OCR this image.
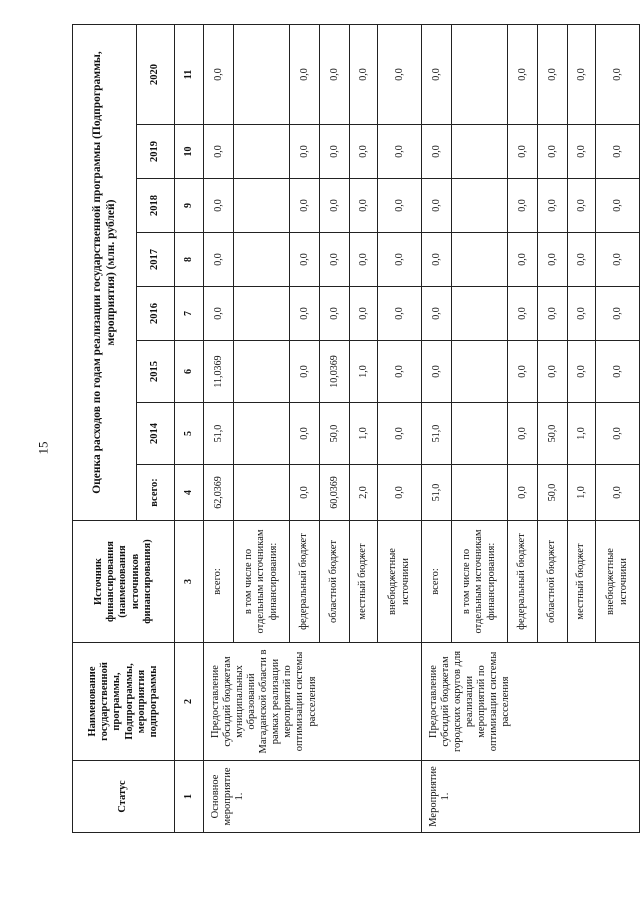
15
Статус	Наименование государственной программы, Подпрограммы, мероприятия подпрограммы	Источник финансирования (наименования источников финансирования)	Оценка расходов по годам реализации государственной программы (Подпрограммы, мероприятия) (млн. рублей)							
			всего:	2014	2015	2016	2017	2018	2019	2020
1	2	3	4	5	6	7	8	9	10	11
Основное мероприятие 1.	Предоставление субсидий бюджетам муниципальных образований Магаданской области в рамках реализации мероприятий по оптимизации системы расселения	всего:	62,0369	51,0	11,0369	0,0	0,0	0,0	0,0	0,0
		в том числе по отдельным источникам финансирования:								
		федеральный бюджет	0,0	0,0	0,0	0,0	0,0	0,0	0,0	0,0
		областной бюджет	60,0369	50,0	10,0369	0,0	0,0	0,0	0,0	0,0
		местный бюджет	2,0	1,0	1,0	0,0	0,0	0,0	0,0	0,0
		внебюджетные источники	0,0	0,0	0,0	0,0	0,0	0,0	0,0	0,0
Мероприятие 1.	Предоставление субсидий бюджетам городских округов для реализации мероприятий по оптимизации системы расселения	всего:	51,0	51,0	0,0	0,0	0,0	0,0	0,0	0,0
		в том числе по отдельным источникам финансирования:								
		федеральный бюджет	0,0	0,0	0,0	0,0	0,0	0,0	0,0	0,0
		областной бюджет	50,0	50,0	0,0	0,0	0,0	0,0	0,0	0,0
		местный бюджет	1,0	1,0	0,0	0,0	0,0	0,0	0,0	0,0
		внебюджетные источники	0,0	0,0	0,0	0,0	0,0	0,0	0,0	0,0
